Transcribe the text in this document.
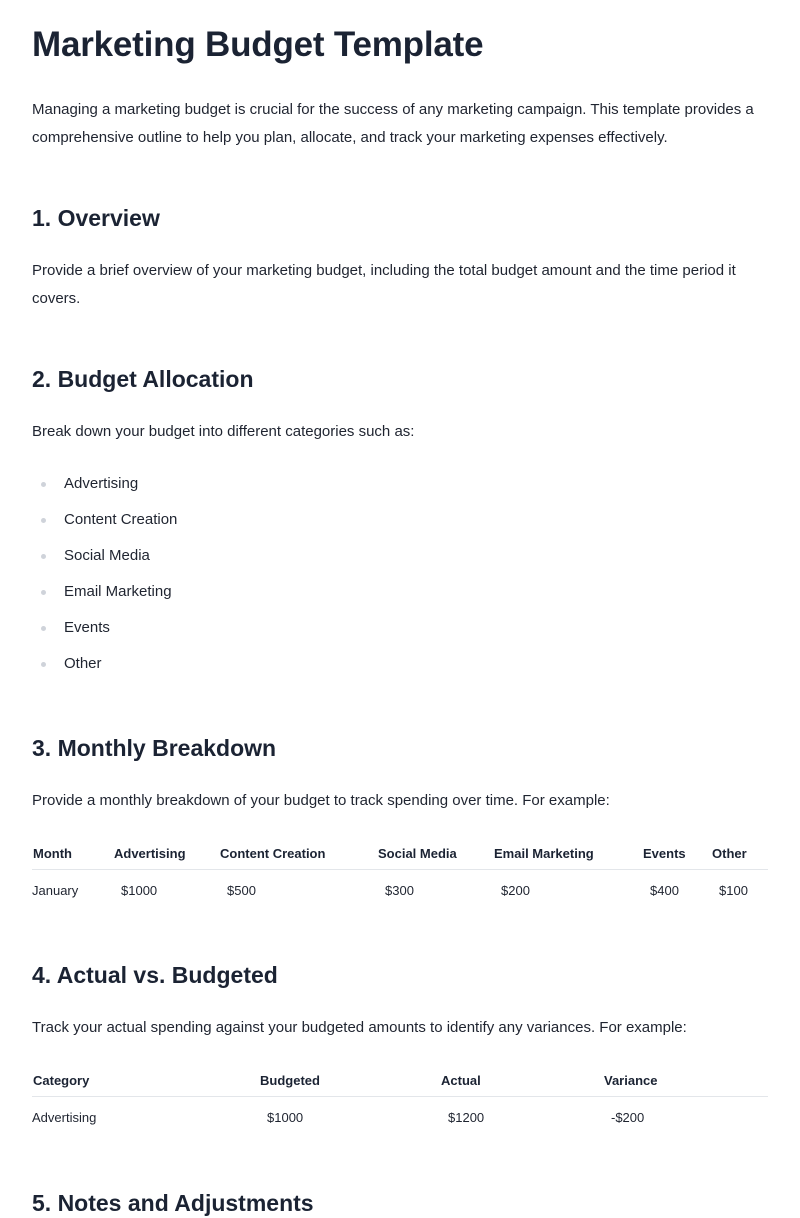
Marketing Budget Template

Managing a marketing budget is crucial for the success of any marketing campaign. This template provides a comprehensive outline to help you plan, allocate, and track your marketing expenses effectively.

1. Overview

Provide a brief overview of your marketing budget, including the total budget amount and the time period it covers.

2. Budget Allocation

Break down your budget into different categories such as:

Advertising
Content Creation
Social Media
Email Marketing
Events
Other
3. Monthly Breakdown

Provide a monthly breakdown of your budget to track spending over time. For example:

Month	Advertising	Content Creation	Social Media	Email Marketing	Events	Other
January	$1000	$500	$300	$200	$400	$100
4. Actual vs. Budgeted

Track your actual spending against your budgeted amounts to identify any variances. For example:

Category	Budgeted	Actual	Variance
Advertising	$1000	$1200	-$200
5. Notes and Adjustments
